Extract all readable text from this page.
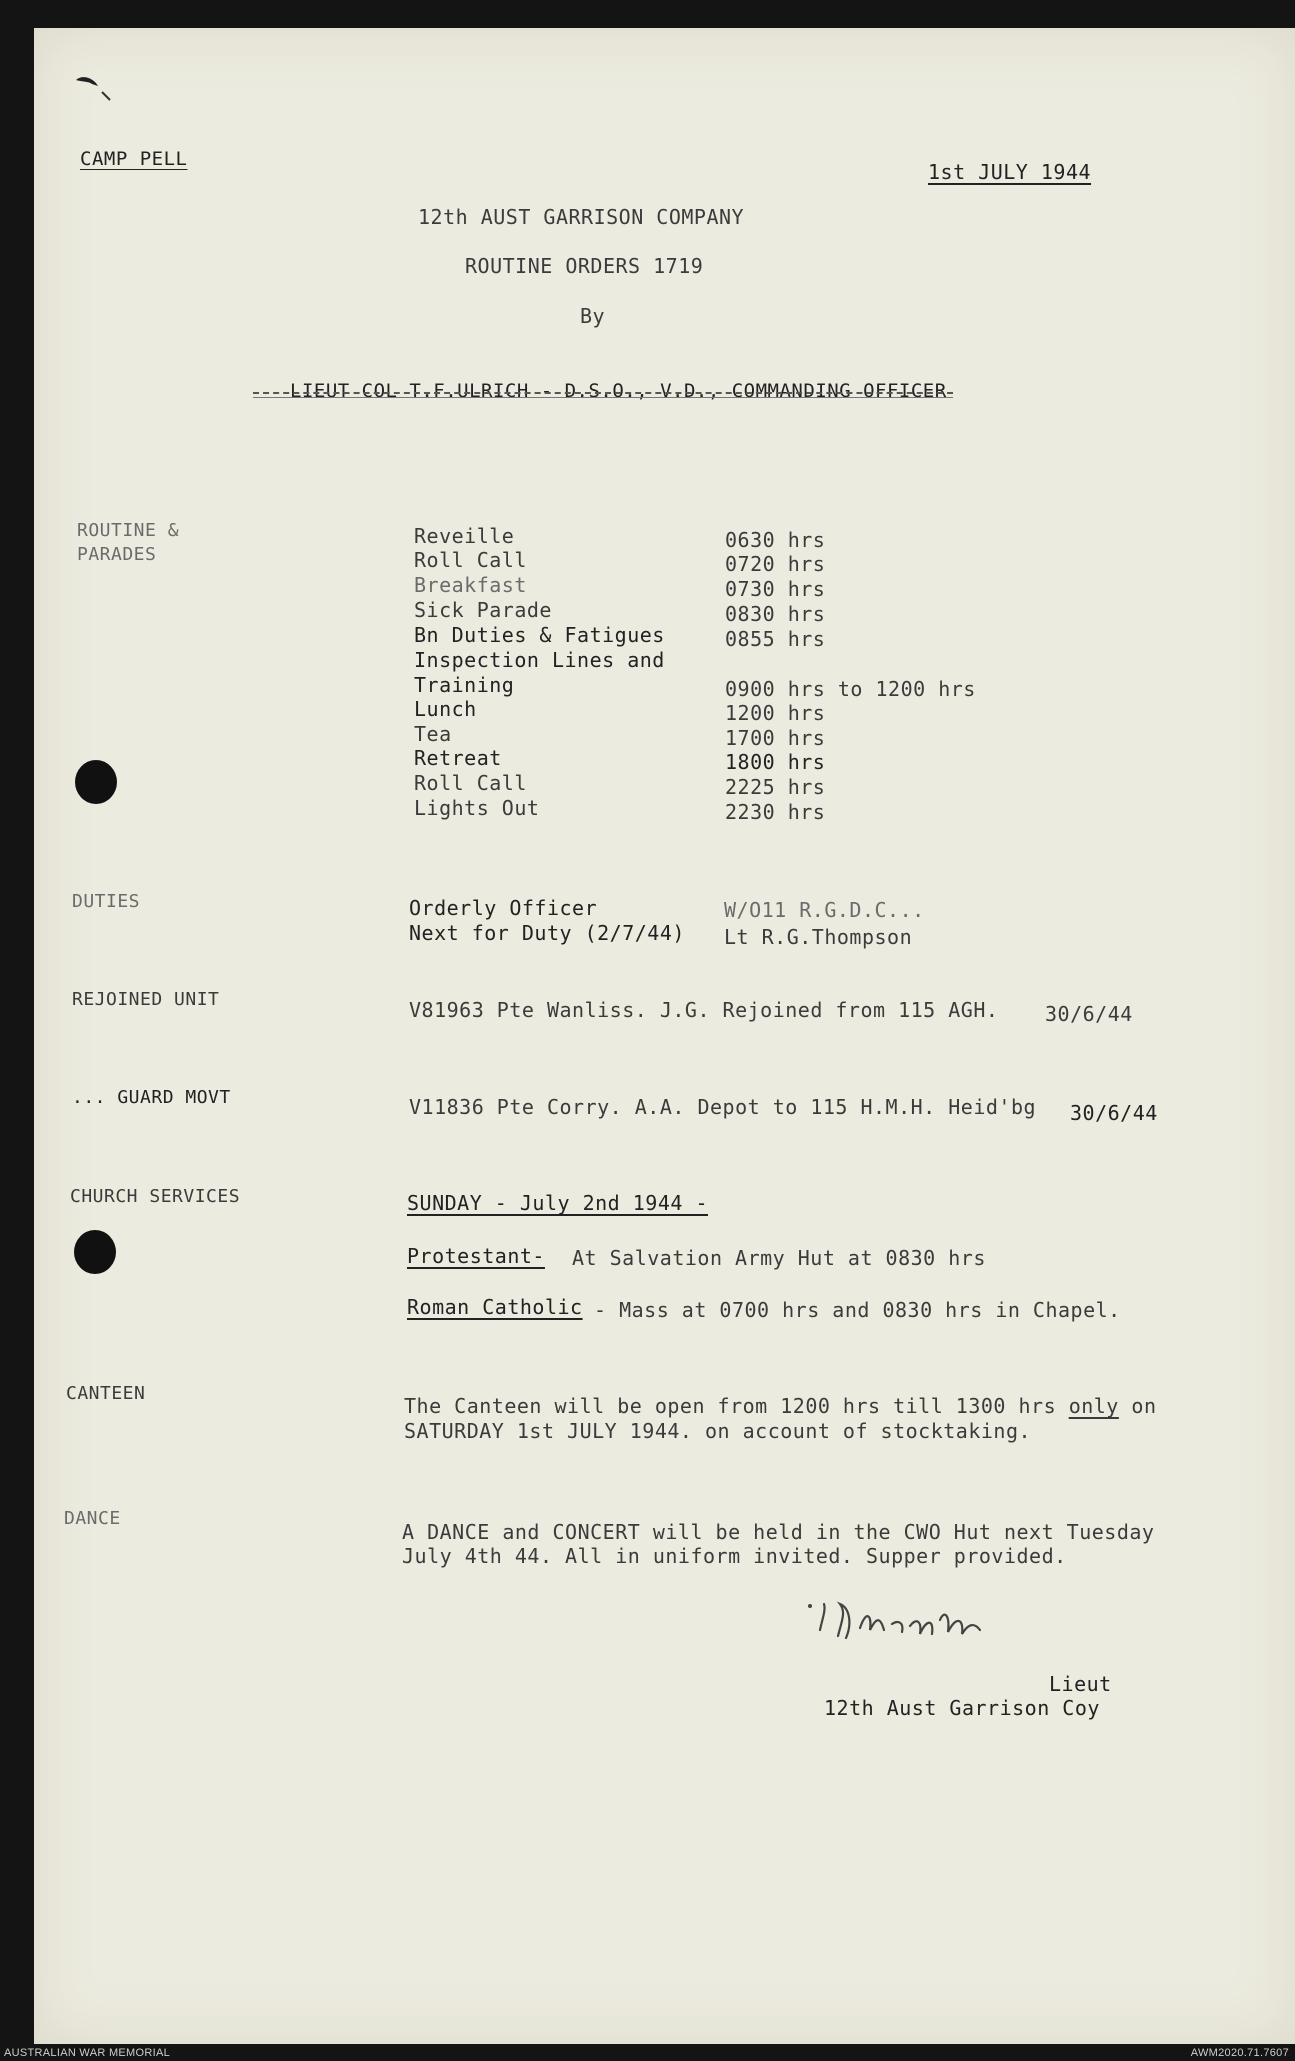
CAMP PELL
1st JULY 1944
12th AUST GARRISON COMPANY
ROUTINE ORDERS 1719
By
LIEUT COL T.F.ULRICH - D.S.O., V.D., COMMANDING OFFICER
ROUTINE &
PARADES
Reveille	0630 hrs
Roll Call	0720 hrs
Breakfast	0730 hrs
Sick Parade	0830 hrs
Bn Duties & Fatigues	0855 hrs
Inspection Lines and
Training	0900 hrs to 1200 hrs
Lunch	1200 hrs
Tea	1700 hrs
Retreat	1800 hrs
Roll Call	2225 hrs
Lights Out	2230 hrs
DUTIES	Orderly Officer	W/O11 R.G.D.C...
Next for Duty (2/7/44) Lt R.G.Thompson
REJOINED UNIT	V81963 Pte Wanliss. J.G. Rejoined from 115 AGH. 30/6/44
... GUARD MOVT	V11836 Pte Corry. A.A. Depot to 115 H.M.H. Heid'bg 30/6/44
CHURCH SERVICES	SUNDAY - July 2nd 1944 -
Protestant- At Salvation Army Hut at 0830 hrs
Roman Catholic - Mass at 0700 hrs and 0830 hrs in Chapel.
CANTEEN
The Canteen will be open from 1200 hrs till 1300 hrs only on
SATURDAY 1st JULY 1944. on account of stocktaking.
DANCE
A DANCE and CONCERT will be held in the CWO Hut next Tuesday
July 4th 44. All in uniform invited. Supper provided.
Lieut
12th Aust Garrison Coy
AUSTRALIAN WAR MEMORIAL	AWM2020.71.7607
